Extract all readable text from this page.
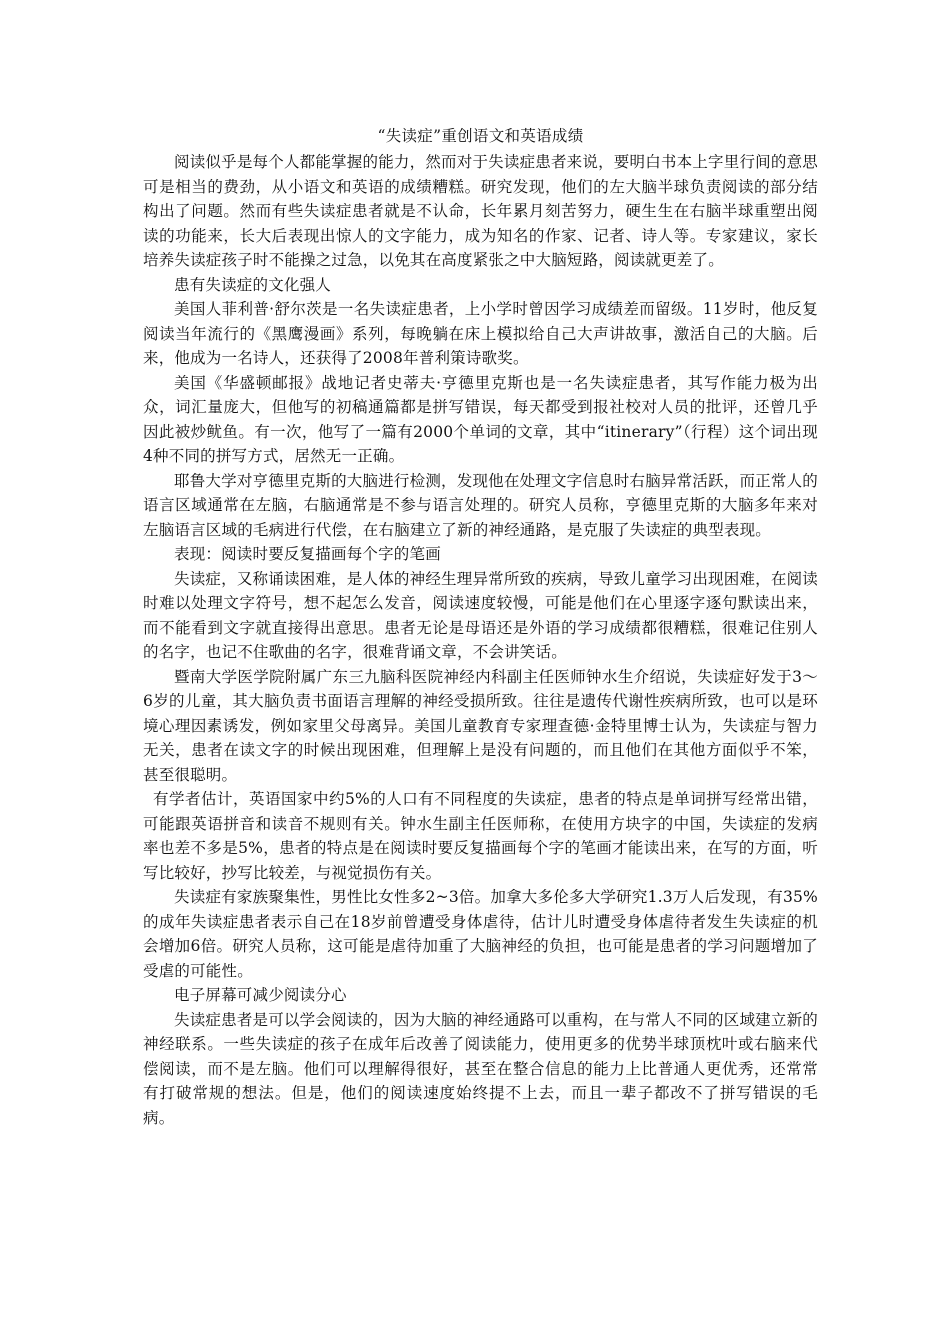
“失读症”重创语文和英语成绩

阅读似乎是每个人都能掌握的能力，然而对于失读症患者来说，要明白书本上字里行间的意思可是相当的费劲，从小语文和英语的成绩糟糕。研究发现，他们的左大脑半球负责阅读的部分结构出了问题。然而有些失读症患者就是不认命，长年累月刻苦努力，硬生生在右脑半球重塑出阅读的功能来，长大后表现出惊人的文字能力，成为知名的作家、记者、诗人等。专家建议，家长培养失读症孩子时不能操之过急，以免其在高度紧张之中大脑短路，阅读就更差了。

患有失读症的文化强人

美国人菲利普·舒尔茨是一名失读症患者，上小学时曾因学习成绩差而留级。11岁时，他反复阅读当年流行的《黑鹰漫画》系列，每晚躺在床上模拟给自己大声讲故事，激活自己的大脑。后来，他成为一名诗人，还获得了2008年普利策诗歌奖。

美国《华盛顿邮报》战地记者史蒂夫·亨德里克斯也是一名失读症患者，其写作能力极为出众，词汇量庞大，但他写的初稿通篇都是拼写错误，每天都受到报社校对人员的批评，还曾几乎因此被炒鱿鱼。有一次，他写了一篇有2000个单词的文章，其中“itinerary”（行程）这个词出现4种不同的拼写方式，居然无一正确。

耶鲁大学对亨德里克斯的大脑进行检测，发现他在处理文字信息时右脑异常活跃，而正常人的语言区域通常在左脑，右脑通常是不参与语言处理的。研究人员称，亨德里克斯的大脑多年来对左脑语言区域的毛病进行代偿，在右脑建立了新的神经通路，是克服了失读症的典型表现。

表现：阅读时要反复描画每个字的笔画

失读症，又称诵读困难，是人体的神经生理异常所致的疾病，导致儿童学习出现困难，在阅读时难以处理文字符号，想不起怎么发音，阅读速度较慢，可能是他们在心里逐字逐句默读出来，而不能看到文字就直接得出意思。患者无论是母语还是外语的学习成绩都很糟糕，很难记住别人的名字，也记不住歌曲的名字，很难背诵文章，不会讲笑话。

暨南大学医学院附属广东三九脑科医院神经内科副主任医师钟水生介绍说，失读症好发于3～6岁的儿童，其大脑负责书面语言理解的神经受损所致。往往是遗传代谢性疾病所致，也可以是环境心理因素诱发，例如家里父母离异。美国儿童教育专家理查德·金特里博士认为，失读症与智力无关，患者在读文字的时候出现困难，但理解上是没有问题的，而且他们在其他方面似乎不笨，甚至很聪明。

有学者估计，英语国家中约5%的人口有不同程度的失读症，患者的特点是单词拼写经常出错，可能跟英语拼音和读音不规则有关。钟水生副主任医师称，在使用方块字的中国，失读症的发病率也差不多是5%，患者的特点是在阅读时要反复描画每个字的笔画才能读出来，在写的方面，听写比较好，抄写比较差，与视觉损伤有关。

失读症有家族聚集性，男性比女性多2~3倍。加拿大多伦多大学研究1.3万人后发现，有35%的成年失读症患者表示自己在18岁前曾遭受身体虐待，估计儿时遭受身体虐待者发生失读症的机会增加6倍。研究人员称，这可能是虐待加重了大脑神经的负担，也可能是患者的学习问题增加了受虐的可能性。

电子屏幕可减少阅读分心

失读症患者是可以学会阅读的，因为大脑的神经通路可以重构，在与常人不同的区域建立新的神经联系。一些失读症的孩子在成年后改善了阅读能力，使用更多的优势半球顶枕叶或右脑来代偿阅读，而不是左脑。他们可以理解得很好，甚至在整合信息的能力上比普通人更优秀，还常常有打破常规的想法。但是，他们的阅读速度始终提不上去，而且一辈子都改不了拼写错误的毛病。
